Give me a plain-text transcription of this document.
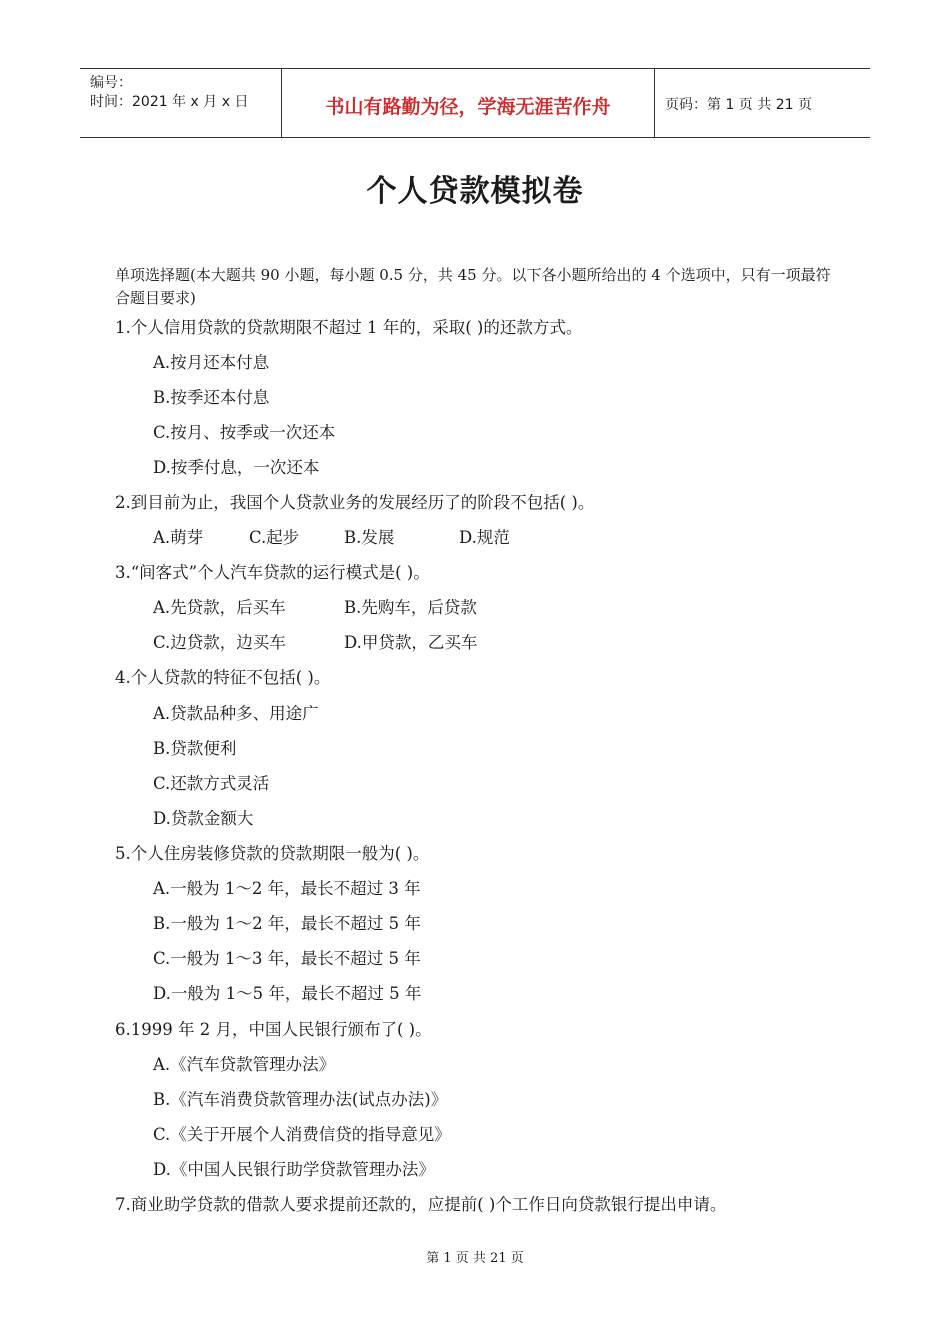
编号：
时间：2021 年 x 月 x 日	书山有路勤为径，学海无涯苦作舟	页码：第 1 页 共 21 页
个人贷款模拟卷
单项选择题(本大题共 90 小题，每小题 0.5 分，共 45 分。以下各小题所给出的 4 个选项中，只有一项最符合题目要求)
1.个人信用贷款的贷款期限不超过 1 年的，采取( )的还款方式。
A.按月还本付息
B.按季还本付息
C.按月、按季或一次还本
D.按季付息，一次还本
2.到目前为止，我国个人贷款业务的发展经历了的阶段不包括( )。
A.萌芽	C.起步	B.发展	D.规范
3.“间客式”个人汽车贷款的运行模式是( )。
A.先贷款，后买车	B.先购车，后贷款
C.边贷款，边买车	D.甲贷款，乙买车
4.个人贷款的特征不包括( )。
A.贷款品种多、用途广
B.贷款便利
C.还款方式灵活
D.贷款金额大
5.个人住房装修贷款的贷款期限一般为( )。
A.一般为 1～2 年，最长不超过 3 年
B.一般为 1～2 年，最长不超过 5 年
C.一般为 1～3 年，最长不超过 5 年
D.一般为 1～5 年，最长不超过 5 年
6.1999 年 2 月，中国人民银行颁布了( )。
A.《汽车贷款管理办法》
B.《汽车消费贷款管理办法(试点办法)》
C.《关于开展个人消费信贷的指导意见》
D.《中国人民银行助学贷款管理办法》
7.商业助学贷款的借款人要求提前还款的，应提前( )个工作日向贷款银行提出申请。
第 1 页 共 21 页
